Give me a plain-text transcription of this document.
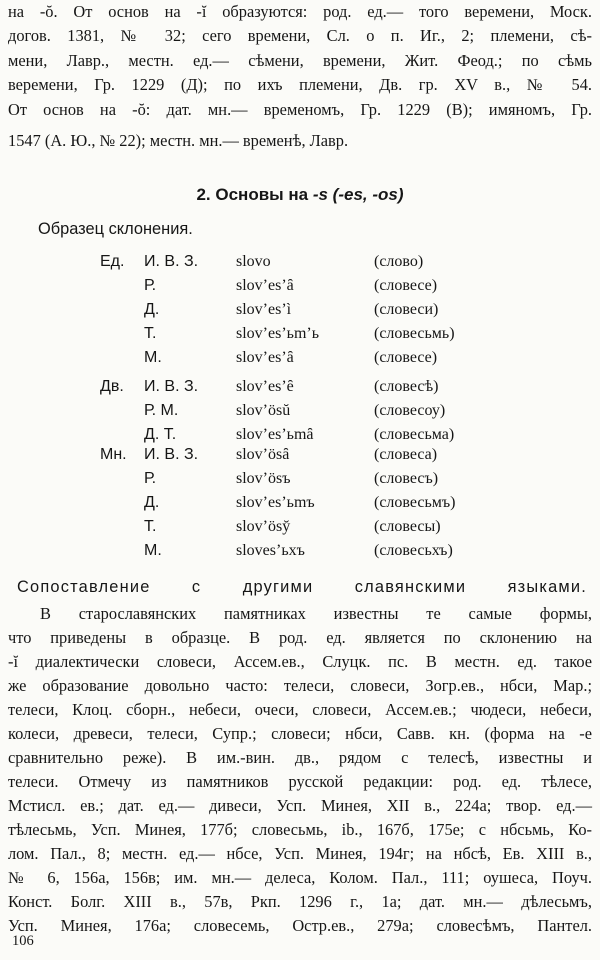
на -ŏ. От основ на -ĭ образуются: род. ед.— того веремени, Моск.
догов. 1381, № 32; сего времени, Сл. о п. Иг., 2; племени, сѣ-
мени, Лавр., местн. ед.— сѣмени, времени, Жит. Феод.; по сѣмь
веремени, Гр. 1229 (Д); по ихъ племени, Дв. гр. XV в., № 54.
От основ на -ŏ: дат. мн.— временомъ, Гр. 1229 (В); имяномъ, Гр.
1547 (А. Ю., № 22); местн. мн.— временѣ, Лавр.
2. Основы на -s (-es, -os)
Образец склонения.
Ед. И. В. З. slovo	(слово)
Р.	slov’es’ȃ	(словесе)
Д.	slov’es’ì	(словеси)
Т.	slov’es’ьm’ь	(словесьмь)
М.	slov’es’ȃ	(словесе)
Дв. И. В. З. slov’es’ȇ	(словесѣ)
Р. М.	slov’ösŭ	(словесоу)
Д. Т.	slov’es’ьmȃ	(словесьма)
Мн. И. В. З. slov’ösȃ	(словеса)
Р.	slov’ösъ	(словесъ)
Д.	slov’es’ьmъ	(словесьмъ)
Т.	slov’ösy̆	(словесы)
М.	sloves’ьxъ	(словесьхъ)
Сопоставление с другими славянскими языками.
В старославянских памятниках известны те самые формы,
что приведены в образце. В род. ед. является по склонению на
-ĭ диалектически словеси, Ассем.ев., Слуцк. пс. В местн. ед. такое
же образование довольно часто: телеси, словеси, Зогр.ев., нбси, Мар.;
телеси, Клоц. сборн., небеси, очеси, словеси, Ассем.ев.; чюдеси, небеси,
колеси, древеси, телеси, Супр.; словеси; нбси, Савв. кн. (форма на -е
сравнительно реже). В им.-вин. дв., рядом с телесѣ, известны и
телеси. Отмечу из памятников русской редакции: род. ед. тѣлесе,
Мстисл. ев.; дат. ед.— дивеси, Усп. Минея, XII в., 224а; твор. ед.—
тѣлесьмь, Усп. Минея, 177б; словесьмь, ib., 167б, 175е; с нбсьмь, Ко-
лом. Пал., 8; местн. ед.— нбсе, Усп. Минея, 194г; на нбсѣ, Ев. XIII в.,
№ 6, 156а, 156в; им. мн.— делеса, Колом. Пал., 111; оушеса, Поуч.
Конст. Болг. XIII в., 57в, Ркп. 1296 г., 1а; дат. мн.— дѣлесьмъ,
Усп. Минея, 176а; словесемь, Остр.ев., 279а; словесѣмъ, Пантел.
106
